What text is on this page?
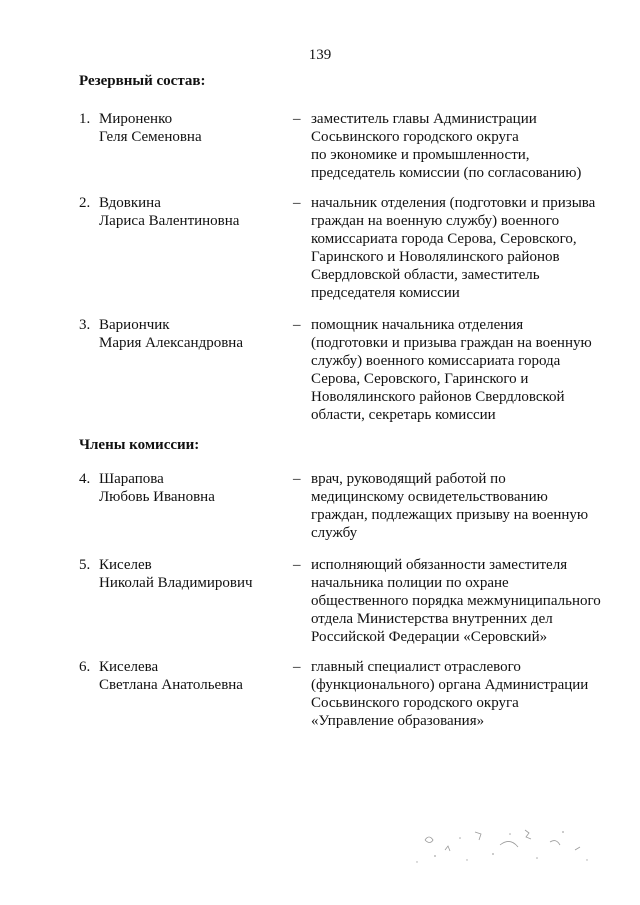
139
Резервный состав:
1. Мироненко
Геля Семеновна
– заместитель главы Администрации
Сосьвинского городского округа
по экономике и промышленности,
председатель комиссии (по согласованию)
2. Вдовкина
Лариса Валентиновна
– начальник отделения (подготовки и призыва
граждан на военную службу) военного
комиссариата города Серова, Серовского,
Гаринского и Новолялинского районов
Свердловской области, заместитель
председателя комиссии
3. Вариончик
Мария Александровна
– помощник начальника отделения
(подготовки и призыва граждан на военную
службу) военного комиссариата города
Серова, Серовского, Гаринского и
Новолялинского районов Свердловской
области, секретарь комиссии
Члены комиссии:
4. Шарапова
Любовь Ивановна
– врач, руководящий работой по
медицинскому освидетельствованию
граждан, подлежащих призыву на военную
службу
5. Киселев
Николай Владимирович
– исполняющий обязанности заместителя
начальника полиции по охране
общественного порядка межмуниципального
отдела Министерства внутренних дел
Российской Федерации «Серовский»
6. Киселева
Светлана Анатольевна
– главный специалист отраслевого
(функционального) органа Администрации
Сосьвинского городского округа
«Управление образования»
